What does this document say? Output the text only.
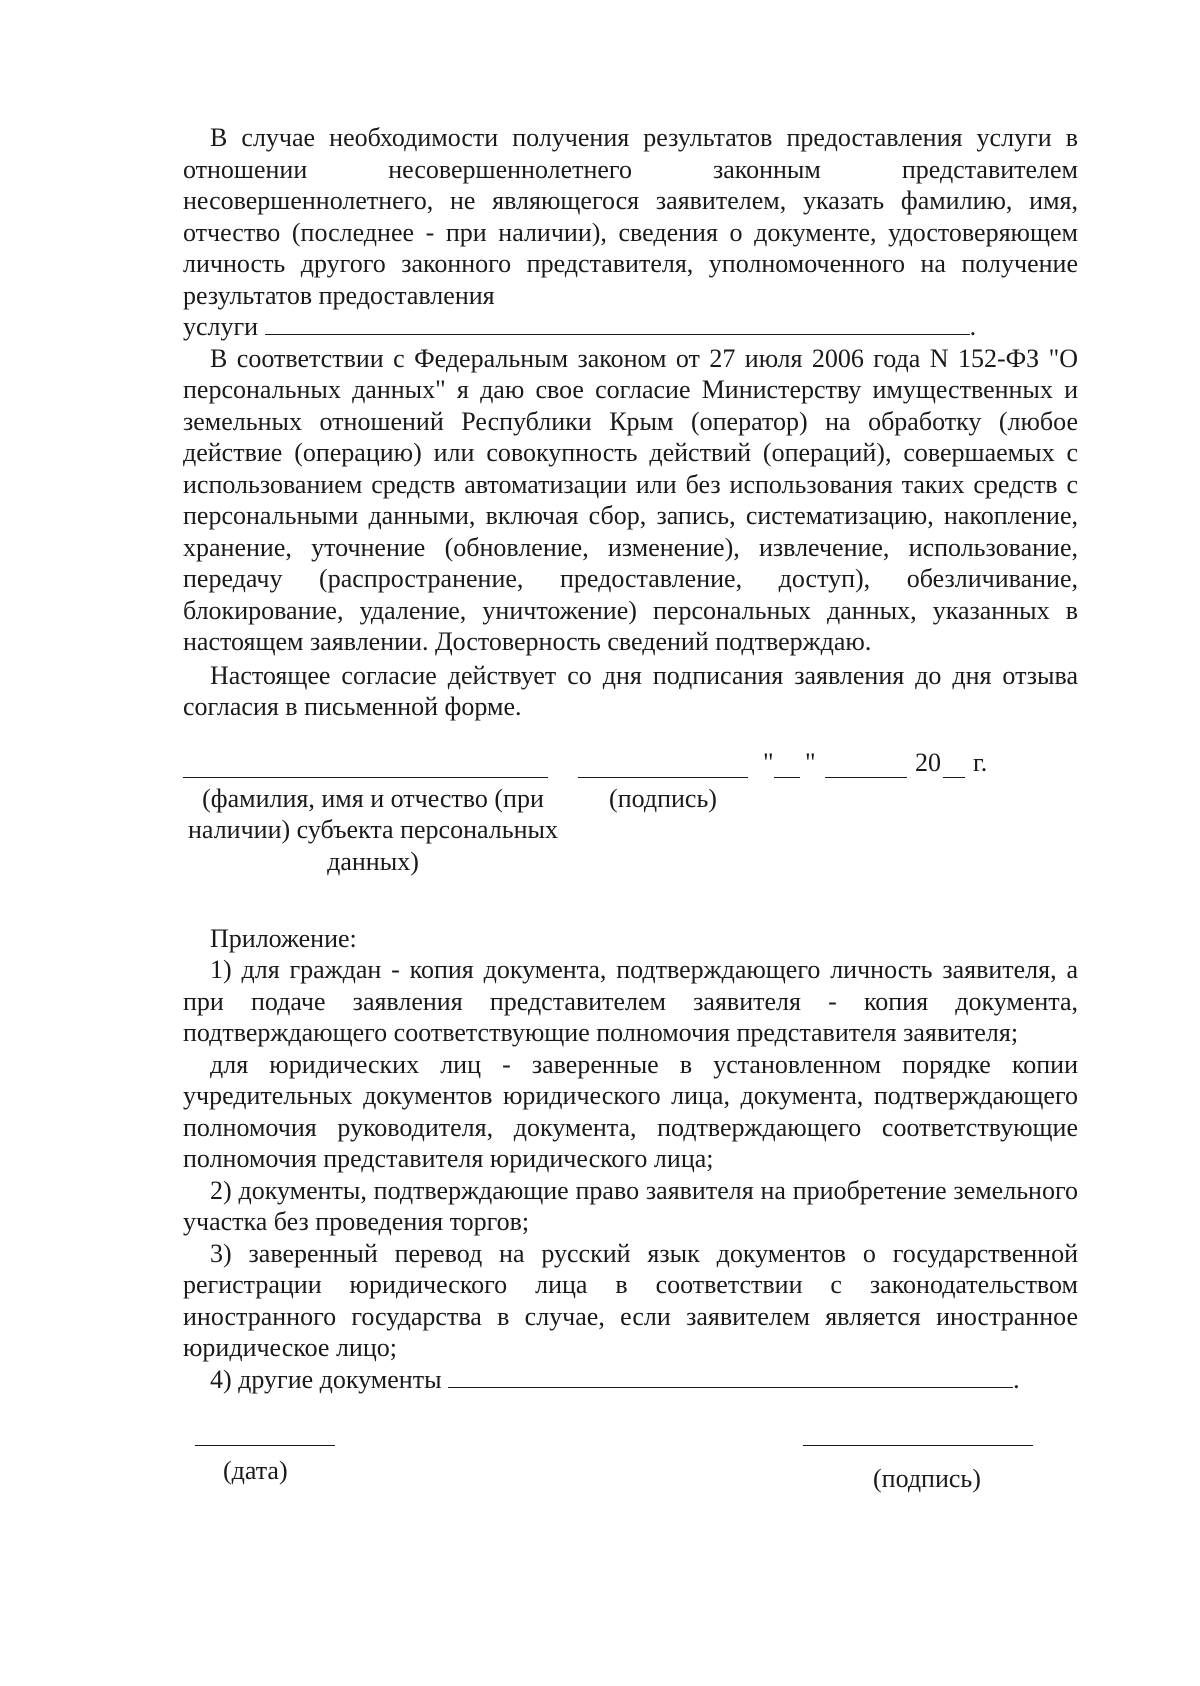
В случае необходимости получения результатов предоставления услуги в отношении несовершеннолетнего законным представителем несовершеннолетнего, не являющегося заявителем, указать фамилию, имя, отчество (последнее - при наличии), сведения о документе, удостоверяющем личность другого законного представителя, уполномоченного на получение результатов предоставления

услуги	.

В соответствии с Федеральным законом от 27 июля 2006 года N 152-ФЗ "О персональных данных" я даю свое согласие Министерству имущественных и земельных отношений Республики Крым (оператор) на обработку (любое действие (операцию) или совокупность действий (операций), совершаемых с использованием средств автоматизации или без использования таких средств с персональными данными, включая сбор, запись, систематизацию, накопление, хранение, уточнение (обновление, изменение), извлечение, использование, передачу (распространение, предоставление, доступ), обезличивание, блокирование, удаление, уничтожение) персональных данных, указанных в настоящем заявлении. Достоверность сведений подтверждаю.

Настоящее согласие действует со дня подписания заявления до дня отзыва согласия в письменной форме.

" "	20 г.
(фамилия, имя и отчество (при наличии) субъекта персональных данных)
(подпись)

Приложение:

1) для граждан - копия документа, подтверждающего личность заявителя, а при подаче заявления представителем заявителя - копия документа, подтверждающего соответствующие полномочия представителя заявителя;

для юридических лиц - заверенные в установленном порядке копии учредительных документов юридического лица, документа, подтверждающего полномочия руководителя, документа, подтверждающего соответствующие полномочия представителя юридического лица;

2) документы, подтверждающие право заявителя на приобретение земельного участка без проведения торгов;

3) заверенный перевод на русский язык документов о государственной регистрации юридического лица в соответствии с законодательством иностранного государства в случае, если заявителем является иностранное юридическое лицо;

4) другие документы	.

(дата)	(подпись)
